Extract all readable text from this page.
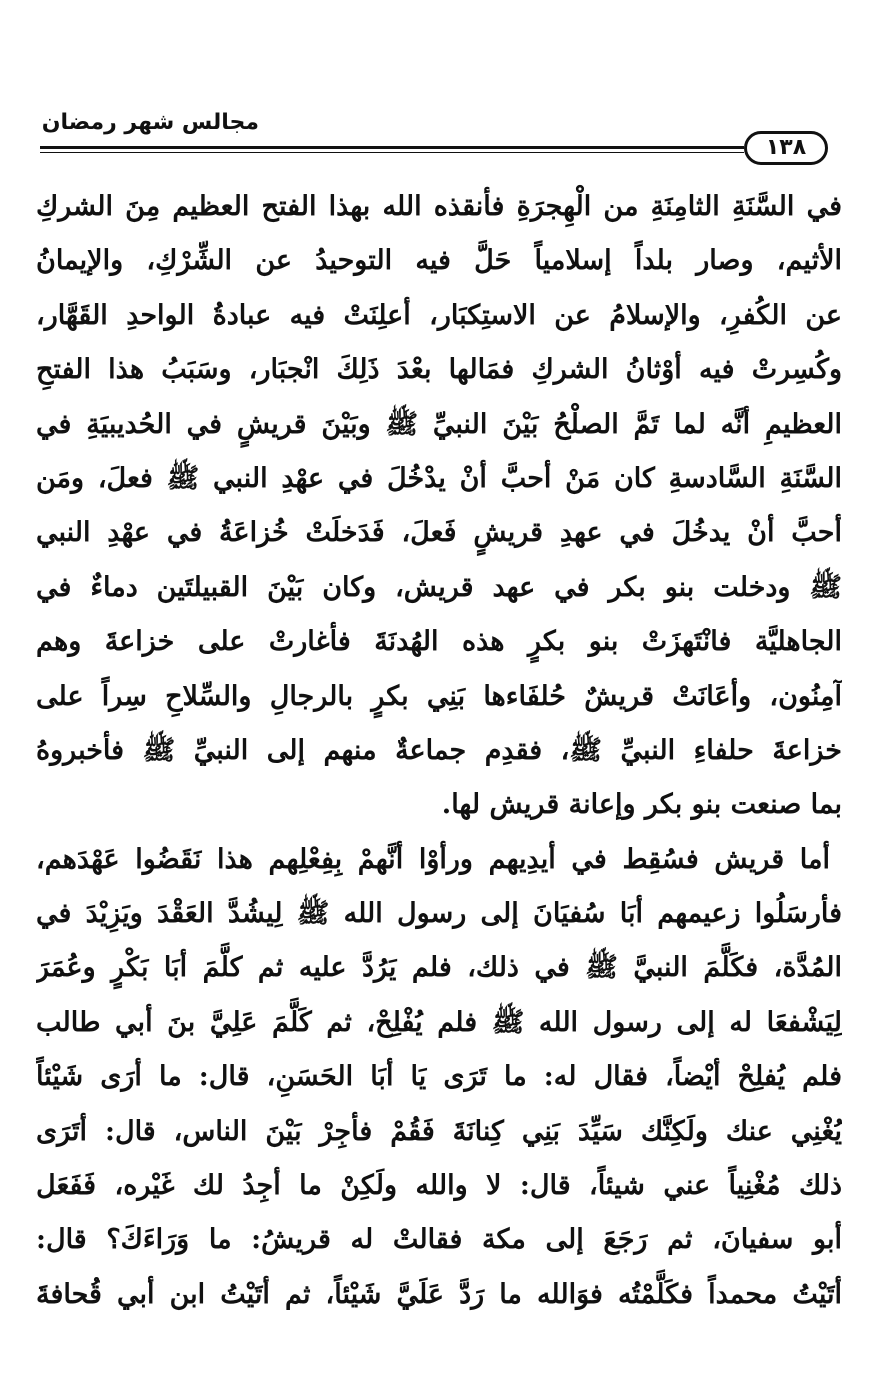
مجالس شهر رمضان
١٣٨
في السَّنَةِ الثامِنَةِ من الْهِجرَةِ فأنقذه الله بهذا الفتح العظيم مِنَ الشركِ
الأثيم، وصار بلداً إسلامياً حَلَّ فيه التوحيدُ عن الشِّرْكِ، والإيمانُ
عن الكُفرِ، والإسلامُ عن الاستِكبَار، أعلِنَتْ فيه عبادةُ الواحدِ القَهَّار،
وكُسِرتْ فيه أوْثانُ الشركِ فمَالها بعْدَ ذَلِكَ انْجبَار، وسَبَبُ هذا الفتحِ
العظيمِ أنَّه لما تَمَّ الصلْحُ بَيْنَ النبيِّ ﷺ وبَيْنَ قريشٍ في الحُديبيَةِ في
السَّنَةِ السَّادسةِ كان مَنْ أحبَّ أنْ يدْخُلَ في عهْدِ النبي ﷺ فعلَ، ومَن
أحبَّ أنْ يدخُلَ في عهدِ قريشٍ فَعلَ، فَدَخلَتْ خُزاعَةُ في عهْدِ النبي
ﷺ ودخلت بنو بكر في عهد قريش، وكان بَيْنَ القبيلتَين دماءٌ في
الجاهليَّة فانْتَهزَتْ بنو بكرٍ هذه الهُدنَةَ فأغارتْ على خزاعةَ وهم
آمِنُون، وأعَانَتْ قريشٌ حُلفَاءها بَنِي بكرٍ بالرجالِ والسِّلاحِ سِراً على
خزاعةَ حلفاءِ النبيِّ ﷺ، فقدِم جماعةٌ منهم إلى النبيِّ ﷺ فأخبروهُ
بما صنعت بنو بكر وإعانة قريش لها.
أما قريش فسُقِط في أيدِيهم ورأوْا أنَّهمْ بِفِعْلِهم هذا نَقَضُوا عَهْدَهم،
فأرسَلُوا زعيمهم أبَا سُفيَانَ إلى رسول الله ﷺ لِيشُدَّ العَقْدَ ويَزِيْدَ في
المُدَّة، فكَلَّمَ النبيَّ ﷺ في ذلك، فلم يَرُدَّ عليه ثم كلَّمَ أبَا بَكْرٍ وعُمَرَ
لِيَشْفعَا له إلى رسول الله ﷺ فلم يُفْلِحْ، ثم كَلَّمَ عَلِيَّ بنَ أبي طالب
فلم يُفلِحْ أيْضاً، فقال له: ما تَرَى يَا أبَا الحَسَنِ، قال: ما أرَى شَيْئاً
يُغْنِي عنك ولَكِنَّك سَيِّدَ بَنِي كِنانَةَ فَقُمْ فأجِرْ بَيْنَ الناس، قال: أتَرَى
ذلك مُغْنِياً عني شيئاً، قال: لا والله ولَكِنْ ما أجِدُ لك غَيْره، فَفَعَل
أبو سفيانَ، ثم رَجَعَ إلى مكة فقالتْ له قريشُ: ما وَرَاءَكَ؟ قال:
أتَيْتُ محمداً فكَلَّمْتُه فوَالله ما رَدَّ عَلَيَّ شَيْئاً، ثم أتَيْتُ ابن أبي قُحافةَ
